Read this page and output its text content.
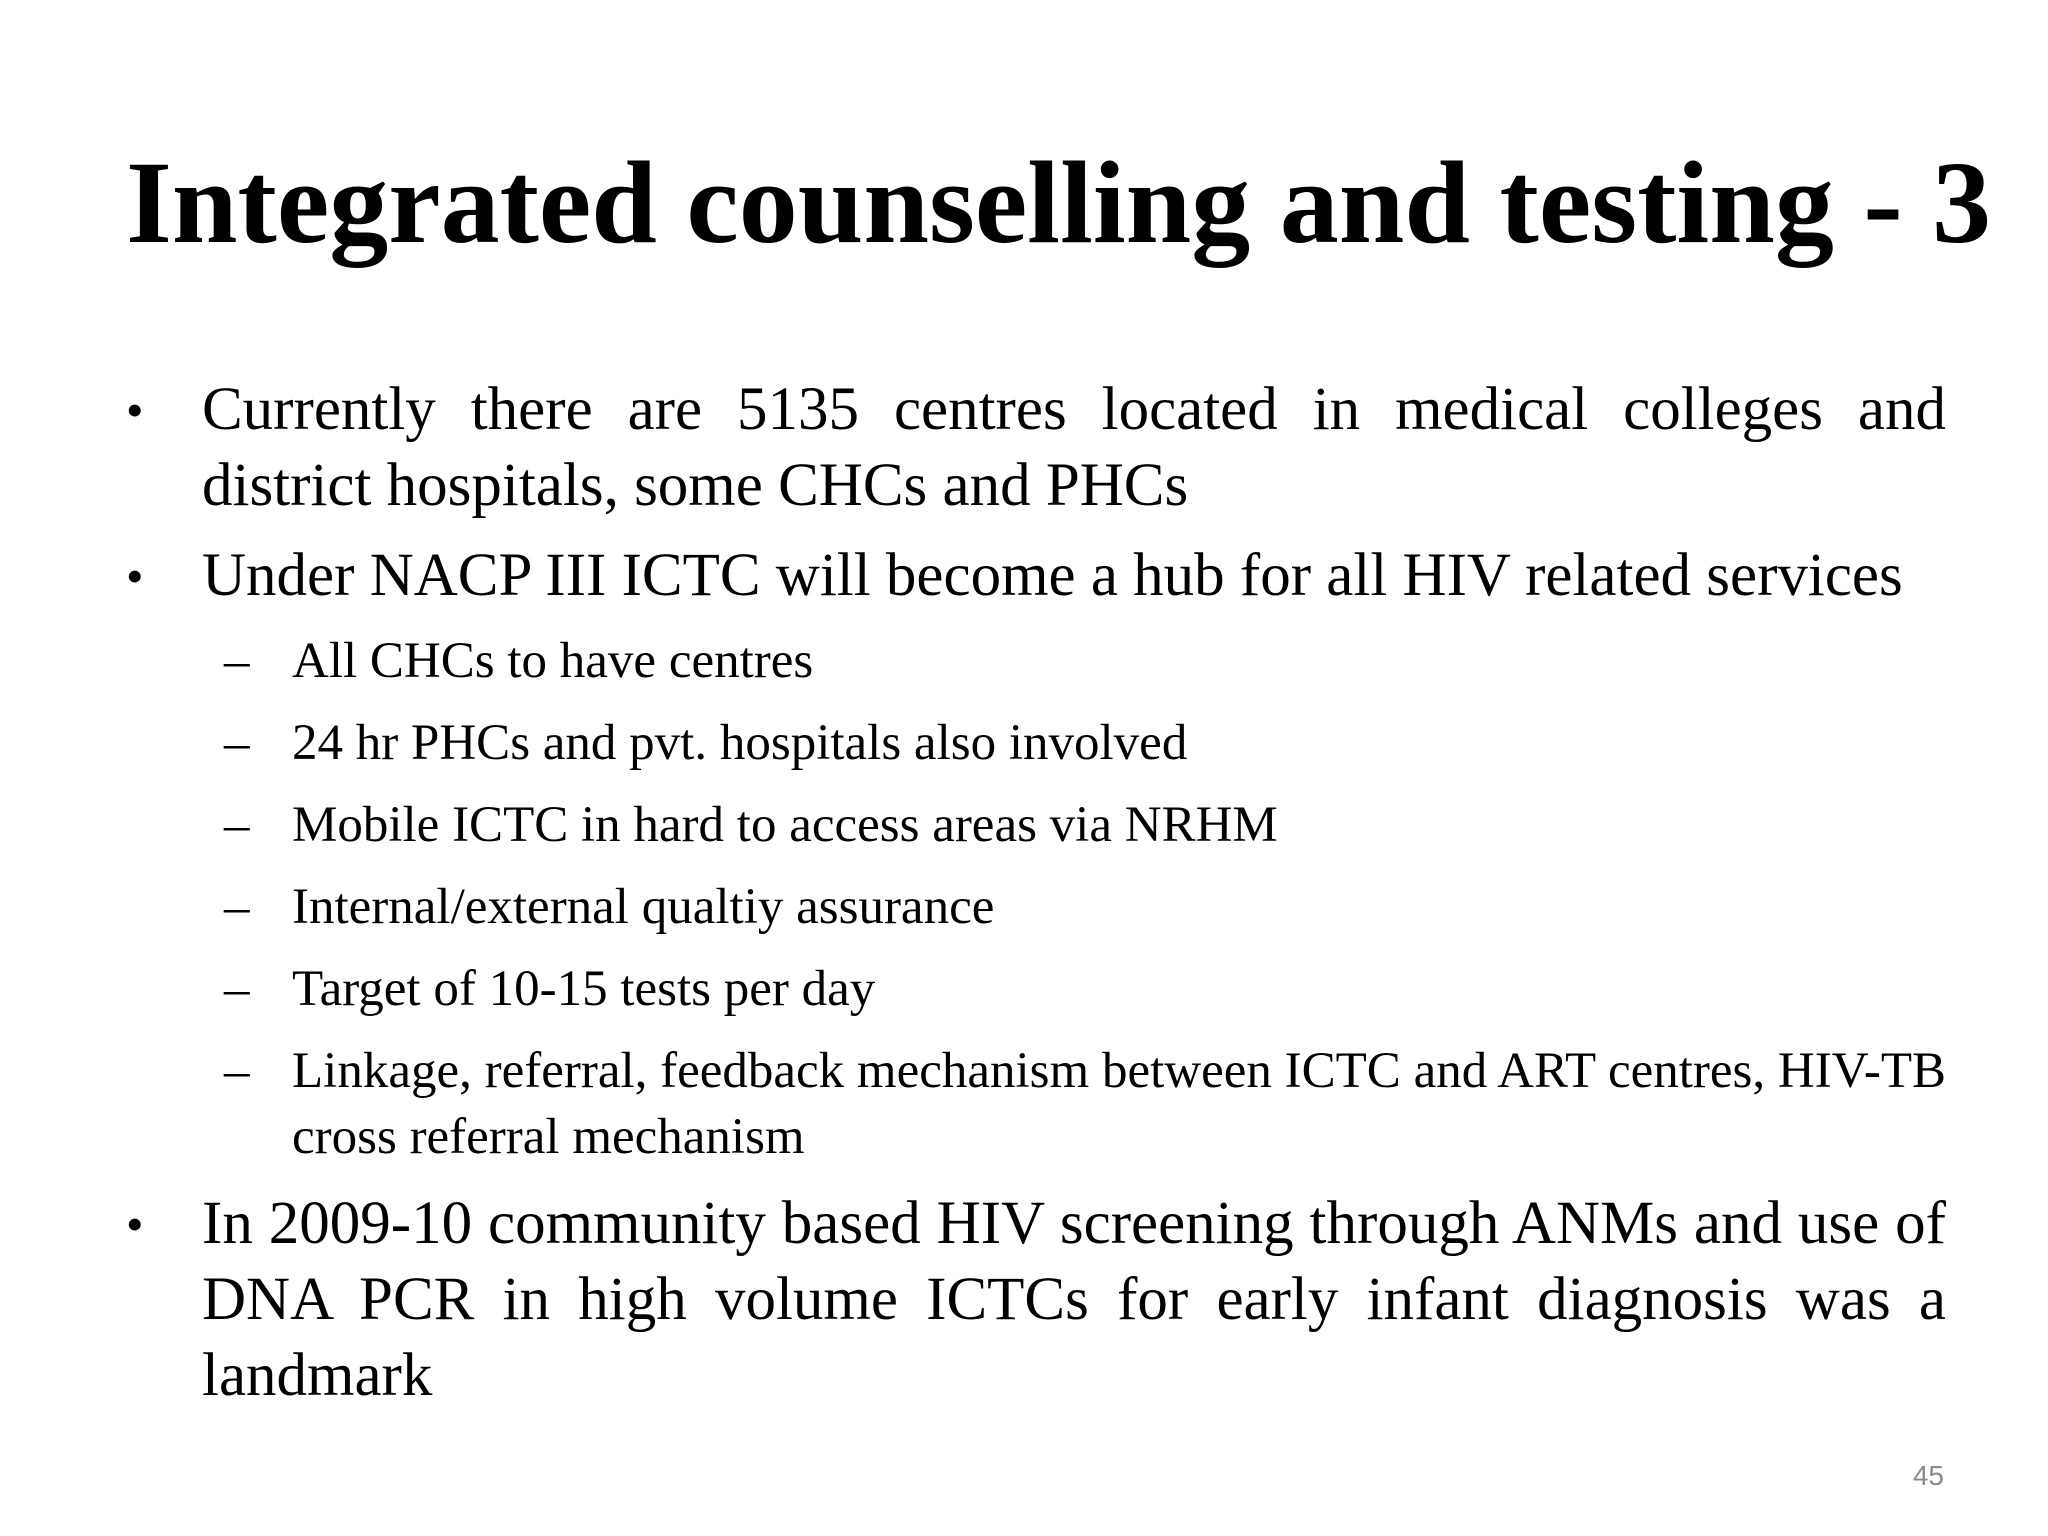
Integrated counselling and testing - 3
• Currently there are 5135 centres located in medical colleges and district hospitals, some CHCs and PHCs
• Under NACP III ICTC will become a hub for all HIV related services
– All CHCs to have centres
– 24 hr PHCs and pvt. hospitals also involved
– Mobile ICTC in hard to access areas via NRHM
– Internal/external qualtiy assurance
– Target of 10-15 tests per day
– Linkage, referral, feedback mechanism between ICTC and ART centres, HIV-TB cross referral mechanism
• In 2009-10 community based HIV screening through ANMs and use of DNA PCR in high volume ICTCs for early infant diagnosis was a landmark
45
